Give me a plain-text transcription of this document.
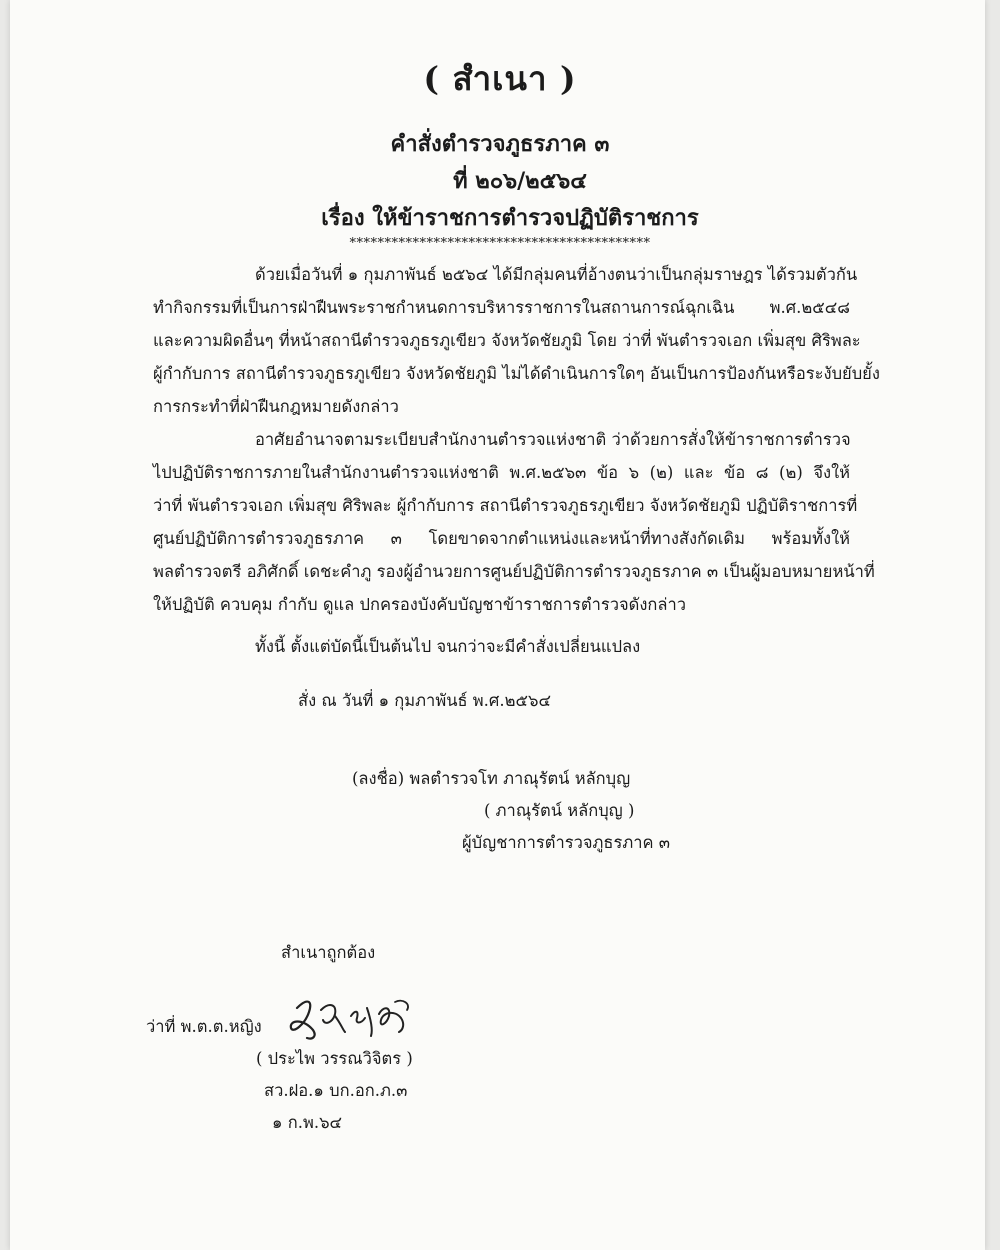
( สำเนา )
คำสั่งตำรวจภูธรภาค ๓
ที่ ๒๐๖/๒๕๖๔
เรื่อง ให้ข้าราชการตำรวจปฏิบัติราชการ
*******************************************
ด้วยเมื่อวันที่ ๑ กุมภาพันธ์ ๒๕๖๔ ได้มีกลุ่มคนที่อ้างตนว่าเป็นกลุ่มราษฎร ได้รวมตัวกัน
ทำกิจกรรมที่เป็นการฝ่าฝืนพระราชกำหนดการบริหารราชการในสถานการณ์ฉุกเฉิน พ.ศ.๒๕๔๘
และความผิดอื่นๆ ที่หน้าสถานีตำรวจภูธรภูเขียว จังหวัดชัยภูมิ โดย ว่าที่ พันตำรวจเอก เพิ่มสุข ศิริพละ
ผู้กำกับการ สถานีตำรวจภูธรภูเขียว จังหวัดชัยภูมิ ไม่ได้ดำเนินการใดๆ อันเป็นการป้องกันหรือระงับยับยั้ง
การกระทำที่ฝ่าฝืนกฎหมายดังกล่าว
อาศัยอำนาจตามระเบียบสำนักงานตำรวจแห่งชาติ ว่าด้วยการสั่งให้ข้าราชการตำรวจ
ไปปฏิบัติราชการภายในสำนักงานตำรวจแห่งชาติ พ.ศ.๒๕๖๓ ข้อ ๖ (๒) และ ข้อ ๘ (๒) จึงให้
ว่าที่ พันตำรวจเอก เพิ่มสุข ศิริพละ ผู้กำกับการ สถานีตำรวจภูธรภูเขียว จังหวัดชัยภูมิ ปฏิบัติราชการที่
ศูนย์ปฏิบัติการตำรวจภูธรภาค ๓ โดยขาดจากตำแหน่งและหน้าที่ทางสังกัดเดิม พร้อมทั้งให้
พลตำรวจตรี อภิศักดิ์ เดชะคำภู รองผู้อำนวยการศูนย์ปฏิบัติการตำรวจภูธรภาค ๓ เป็นผู้มอบหมายหน้าที่
ให้ปฏิบัติ ควบคุม กำกับ ดูแล ปกครองบังคับบัญชาข้าราชการตำรวจดังกล่าว
ทั้งนี้ ตั้งแต่บัดนี้เป็นต้นไป จนกว่าจะมีคำสั่งเปลี่ยนแปลง
สั่ง ณ วันที่ ๑ กุมภาพันธ์ พ.ศ.๒๕๖๔
(ลงชื่อ) พลตำรวจโท ภาณุรัตน์ หลักบุญ
( ภาณุรัตน์ หลักบุญ )
ผู้บัญชาการตำรวจภูธรภาค ๓
สำเนาถูกต้อง
ว่าที่ พ.ต.ต.หญิง
( ประไพ วรรณวิจิตร )
สว.ฝอ.๑ บก.อก.ภ.๓
๑ ก.พ.๖๔
